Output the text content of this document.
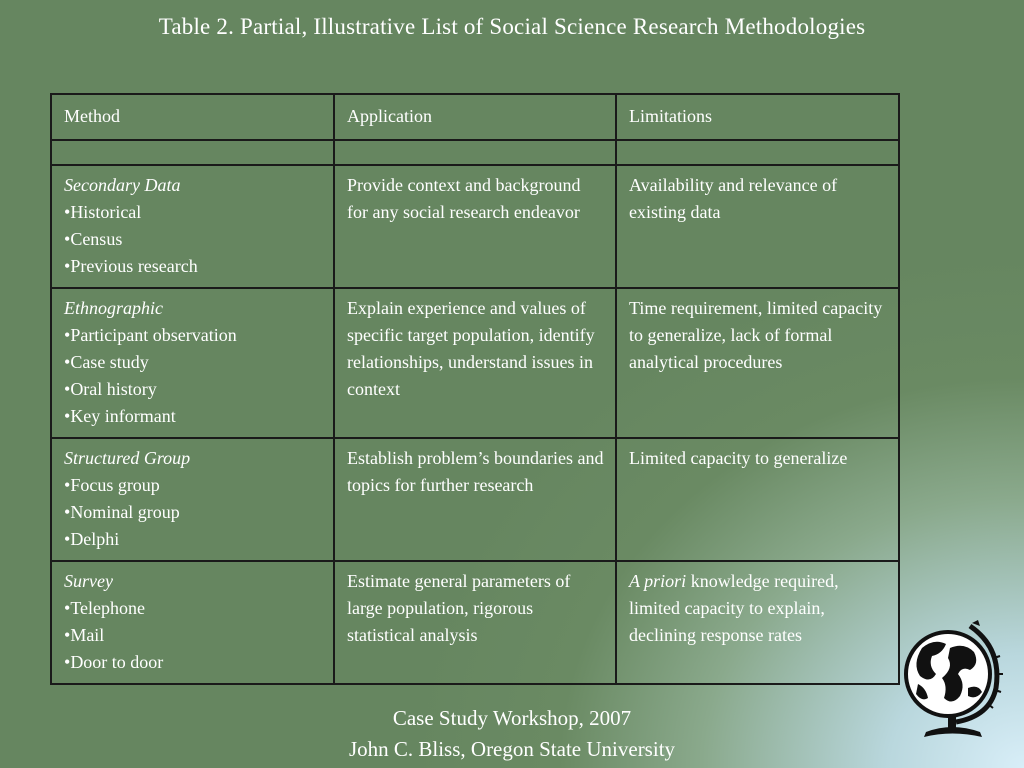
Table 2. Partial, Illustrative List of Social Science Research Methodologies
Method	Application	Limitations

Secondary Data
• Historical
• Census
• Previous research	Provide context and background for any social research endeavor	Availability and relevance of existing data

Ethnographic
• Participant observation
• Case study
• Oral history
• Key informant	Explain experience and values of specific target population, identify relationships, understand issues in context	Time requirement, limited capacity to generalize, lack of formal analytical procedures

Structured Group
• Focus group
• Nominal group
• Delphi	Establish problem’s boundaries and topics for further research	Limited capacity to generalize

Survey
• Telephone
• Mail
• Door to door	Estimate general parameters of large population, rigorous statistical analysis	A priori knowledge required, limited capacity to explain, declining response rates
Case Study Workshop, 2007
John C. Bliss, Oregon State University
